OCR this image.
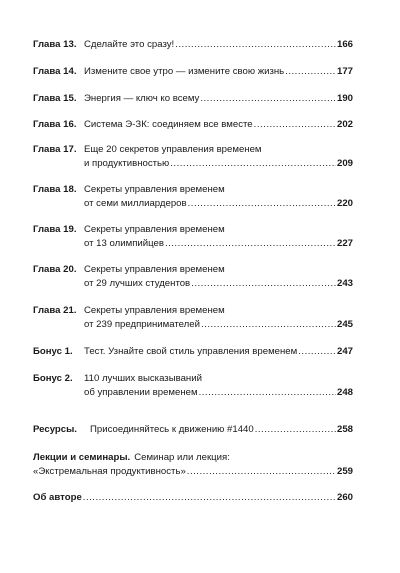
Глава 13. Сделайте это сразу! .....	166
Глава 14. Измените свое утро — измените свою жизнь .....	177
Глава 15. Энергия — ключ ко всему .....	190
Глава 16. Система Э-ЗК: соединяем все вместе .....	202
Глава 17. Еще 20 секретов управления временем
и продуктивностью .....	209
Глава 18. Секреты управления временем
от семи миллиардеров .....	220
Глава 19. Секреты управления временем
от 13 олимпийцев .....	227
Глава 20. Секреты управления временем
от 29 лучших студентов .....	243
Глава 21. Секреты управления временем
от 239 предпринимателей .....	245
Бонус 1.	Тест. Узнайте свой стиль управления временем .....	247
Бонус 2.	110 лучших высказываний
об управлении временем .....	248
Ресурсы.	Присоединяйтесь к движению #1440 .....	258
Лекции и семинары. Семинар или лекция:
«Экстремальная продуктивность» .....	259
Об авторе .....	260
